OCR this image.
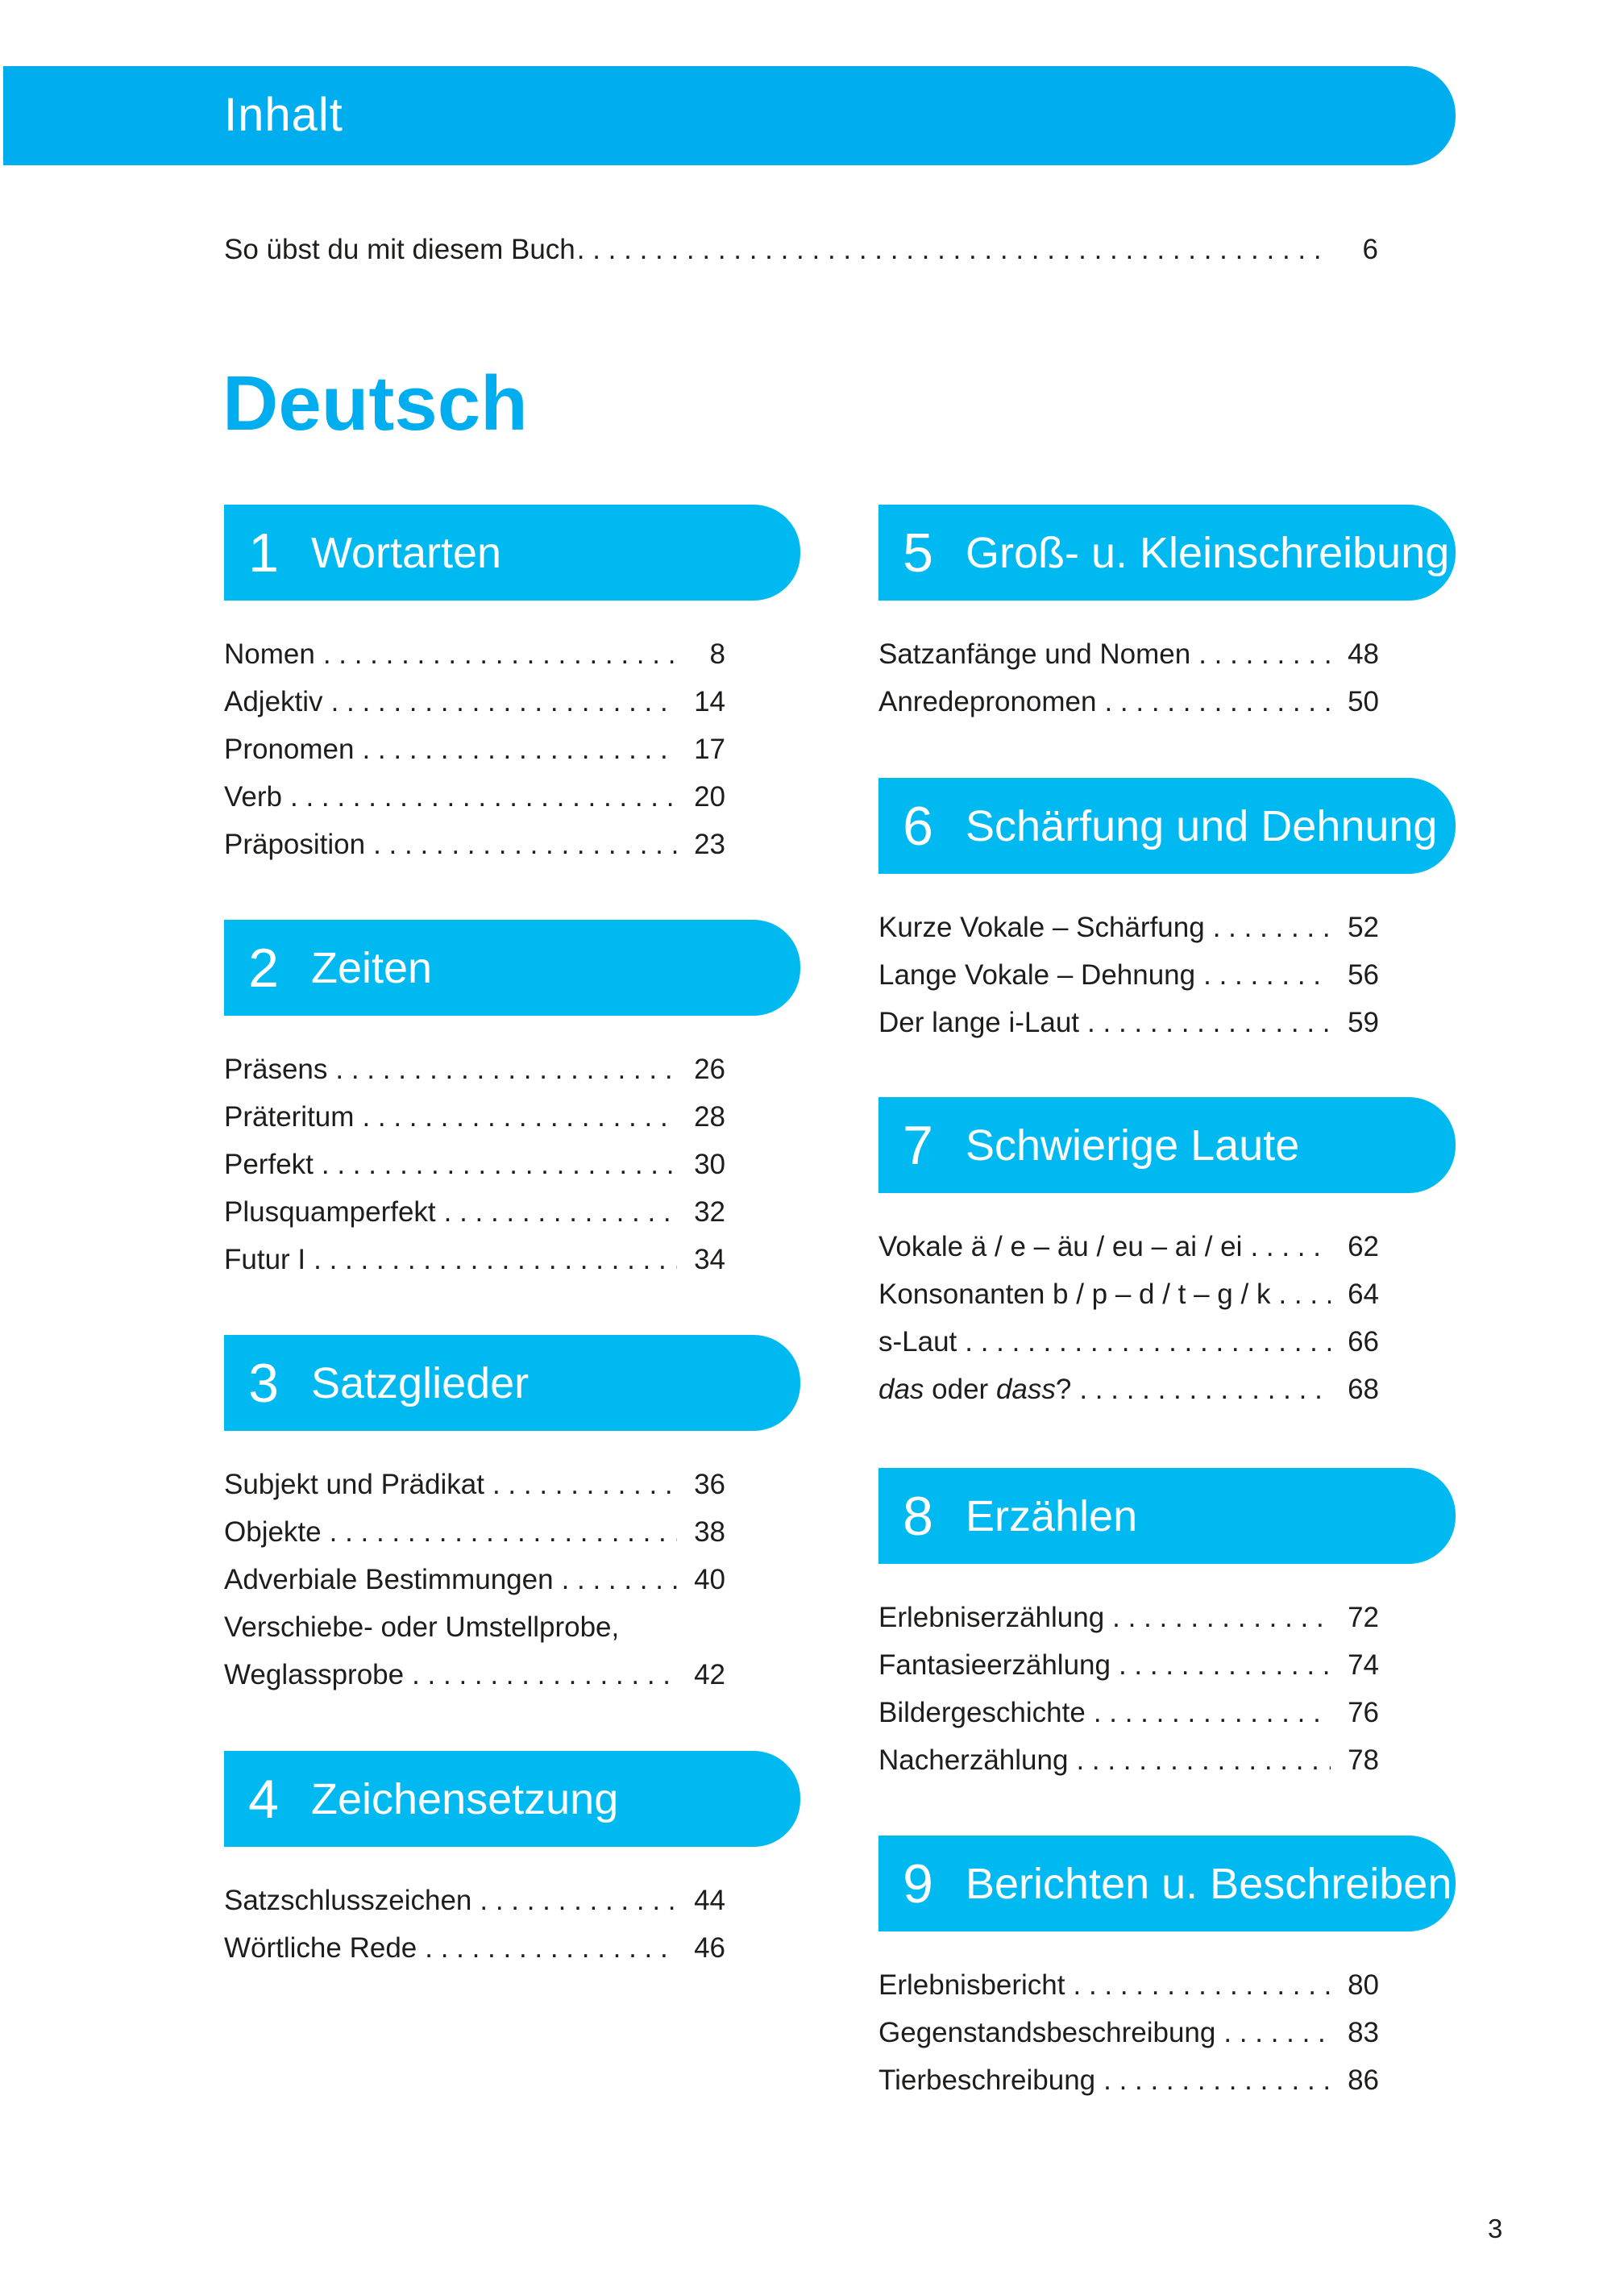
Inhalt
So übst du mit diesem Buch . . .	6
Deutsch
1 Wortarten
Nomen . . .	8
Adjektiv . . .	14
Pronomen . . .	17
Verb . . .	20
Präposition . . .	23
2 Zeiten
Präsens . . .	26
Präteritum . . .	28
Perfekt . . .	30
Plusquamperfekt . . .	32
Futur I . . .	34
3 Satzglieder
Subjekt und Prädikat . . .	36
Objekte . . .	38
Adverbiale Bestimmungen . . .	40
Verschiebe- oder Umstellprobe,
Weglassprobe . . .	42
4 Zeichensetzung
Satzschlusszeichen . . .	44
Wörtliche Rede . . .	46
5 Groß- u. Kleinschreibung
Satzanfänge und Nomen . . .	48
Anredepronomen . . .	50
6 Schärfung und Dehnung
Kurze Vokale – Schärfung . . .	52
Lange Vokale – Dehnung . . .	56
Der lange i-Laut . . .	59
7 Schwierige Laute
Vokale ä / e – äu / eu – ai / ei . . .	62
Konsonanten b / p – d / t – g / k . . .	64
s-Laut . . .	66
das oder dass? . . .	68
8 Erzählen
Erlebniserzählung . . .	72
Fantasieerzählung . . .	74
Bildergeschichte . . .	76
Nacherzählung . . .	78
9 Berichten u. Beschreiben
Erlebnisbericht . . .	80
Gegenstandsbeschreibung . . .	83
Tierbeschreibung . . .	86
3
